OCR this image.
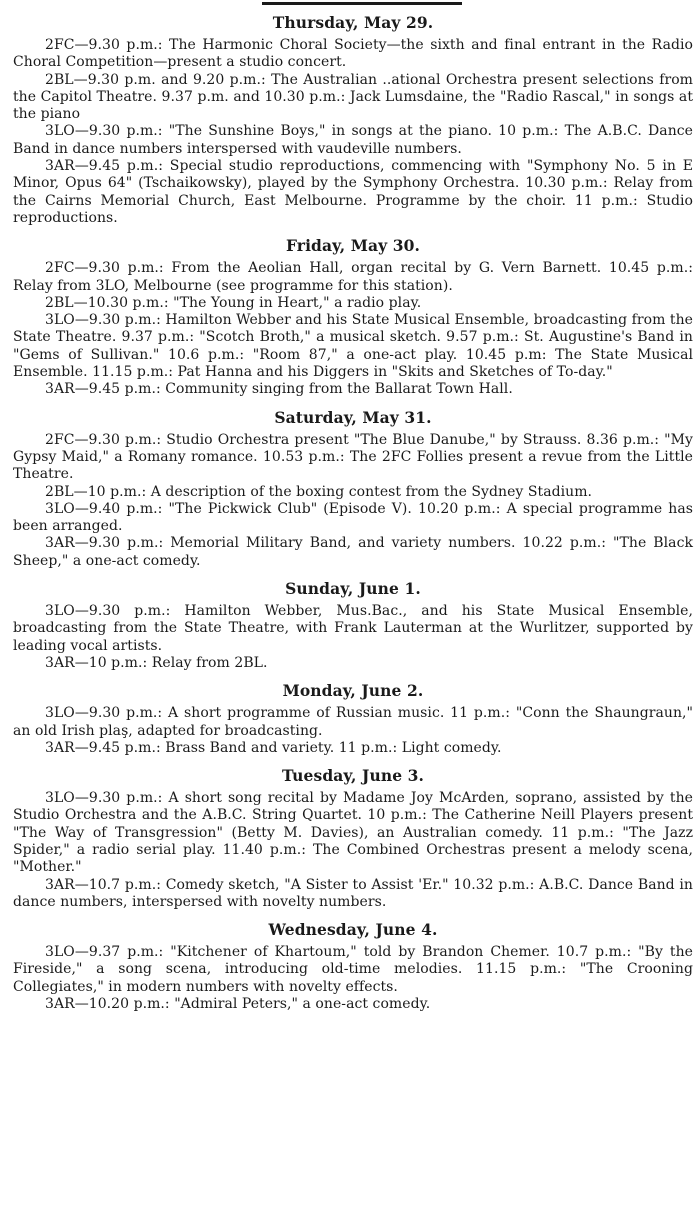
Thursday, May 29.

2FC—9.30 p.m.: The Harmonic Choral Society—the sixth and final entrant in the Radio Choral Competition—present a studio concert.

2BL—9.30 p.m. and 9.20 p.m.: The Australian ..ational Orchestra present selections from the Capitol Theatre. 9.37 p.m. and 10.30 p.m.: Jack Lumsdaine, the "Radio Rascal," in songs at the piano

3LO—9.30 p.m.: "The Sunshine Boys," in songs at the piano. 10 p.m.: The A.B.C. Dance Band in dance numbers interspersed with vaudeville numbers.

3AR—9.45 p.m.: Special studio reproductions, commencing with "Symphony No. 5 in E Minor, Opus 64" (Tschaikowsky), played by the Symphony Orchestra. 10.30 p.m.: Relay from the Cairns Memorial Church, East Melbourne. Programme by the choir. 11 p.m.: Studio reproductions.

Friday, May 30.

2FC—9.30 p.m.: From the Aeolian Hall, organ recital by G. Vern Barnett. 10.45 p.m.: Relay from 3LO, Melbourne (see programme for this station).

2BL—10.30 p.m.: "The Young in Heart," a radio play.

3LO—9.30 p.m.: Hamilton Webber and his State Musical Ensemble, broadcasting from the State Theatre. 9.37 p.m.: "Scotch Broth," a musical sketch. 9.57 p.m.: St. Augustine's Band in "Gems of Sullivan." 10.6 p.m.: "Room 87," a one-act play. 10.45 p.m: The State Musical Ensemble. 11.15 p.m.: Pat Hanna and his Diggers in "Skits and Sketches of To-day."

3AR—9.45 p.m.: Community singing from the Ballarat Town Hall.

Saturday, May 31.

2FC—9.30 p.m.: Studio Orchestra present "The Blue Danube," by Strauss. 8.36 p.m.: "My Gypsy Maid," a Romany romance. 10.53 p.m.: The 2FC Follies present a revue from the Little Theatre.

2BL—10 p.m.: A description of the boxing contest from the Sydney Stadium.

3LO—9.40 p.m.: "The Pickwick Club" (Episode V). 10.20 p.m.: A special programme has been arranged.

3AR—9.30 p.m.: Memorial Military Band, and variety numbers. 10.22 p.m.: "The Black Sheep," a one-act comedy.

Sunday, June 1.

3LO—9.30 p.m.: Hamilton Webber, Mus.Bac., and his State Musical Ensemble, broadcasting from the State Theatre, with Frank Lauterman at the Wurlitzer, supported by leading vocal artists.

3AR—10 p.m.: Relay from 2BL.

Monday, June 2.

3LO—9.30 p.m.: A short programme of Russian music. 11 p.m.: "Conn the Shaungraun," an old Irish plaş, adapted for broadcasting.

3AR—9.45 p.m.: Brass Band and variety. 11 p.m.: Light comedy.

Tuesday, June 3.

3LO—9.30 p.m.: A short song recital by Madame Joy McArden, soprano, assisted by the Studio Orchestra and the A.B.C. String Quartet. 10 p.m.: The Catherine Neill Players present "The Way of Transgression" (Betty M. Davies), an Australian comedy. 11 p.m.: "The Jazz Spider," a radio serial play. 11.40 p.m.: The Combined Orchestras present a melody scena, "Mother."

3AR—10.7 p.m.: Comedy sketch, "A Sister to Assist 'Er." 10.32 p.m.: A.B.C. Dance Band in dance numbers, interspersed with novelty numbers.

Wednesday, June 4.

3LO—9.37 p.m.: "Kitchener of Khartoum," told by Brandon Chemer. 10.7 p.m.: "By the Fireside," a song scena, introducing old-time melodies. 11.15 p.m.: "The Crooning Collegiates," in modern numbers with novelty effects.

3AR—10.20 p.m.: "Admiral Peters," a one-act comedy.
